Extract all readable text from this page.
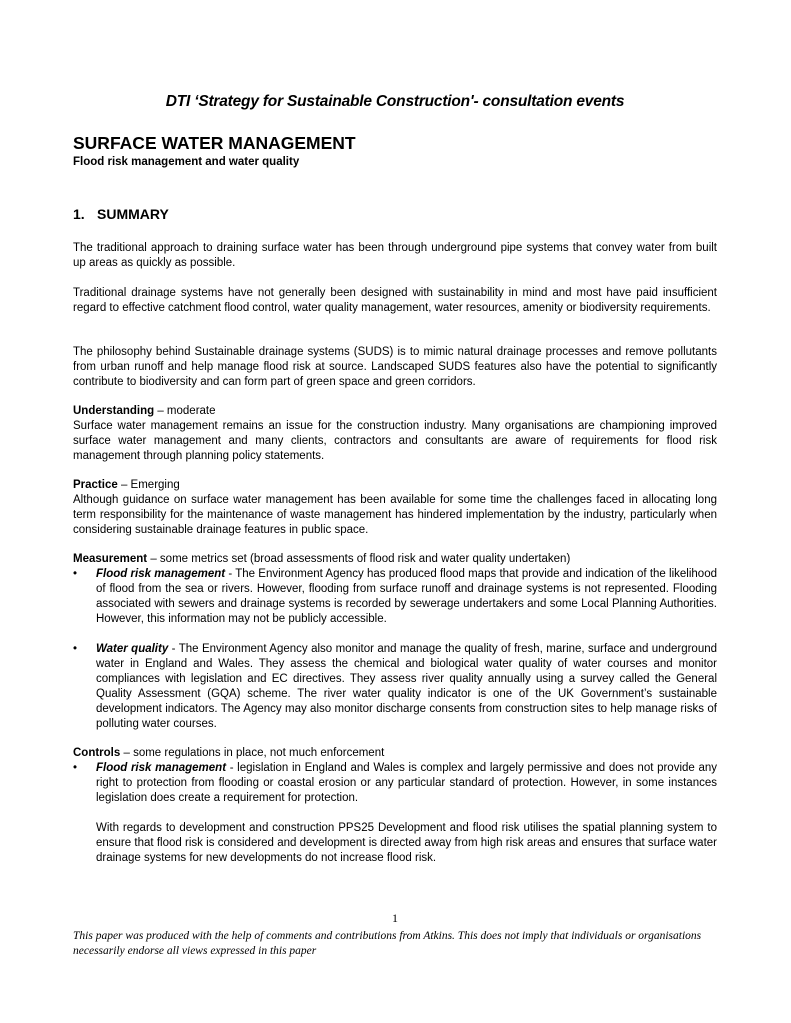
DTI ‘Strategy for Sustainable Construction'- consultation events
SURFACE WATER MANAGEMENT
Flood risk management and water quality
1. SUMMARY

The traditional approach to draining surface water has been through underground pipe systems that convey water from built up areas as quickly as possible.

Traditional drainage systems have not generally been designed with sustainability in mind and most have paid insufficient regard to effective catchment flood control, water quality management, water resources, amenity or biodiversity requirements.

The philosophy behind Sustainable drainage systems (SUDS) is to mimic natural drainage processes and remove pollutants from urban runoff and help manage flood risk at source. Landscaped SUDS features also have the potential to significantly contribute to biodiversity and can form part of green space and green corridors.

Understanding – moderate

Surface water management remains an issue for the construction industry. Many organisations are championing improved surface water management and many clients, contractors and consultants are aware of requirements for flood risk management through planning policy statements.

Practice – Emerging

Although guidance on surface water management has been available for some time the challenges faced in allocating long term responsibility for the maintenance of waste management has hindered implementation by the industry, particularly when considering sustainable drainage features in public space.

Measurement – some metrics set (broad assessments of flood risk and water quality undertaken)

• Flood risk management - The Environment Agency has produced flood maps that provide and indication of the likelihood of flood from the sea or rivers. However, flooding from surface runoff and drainage systems is not represented. Flooding associated with sewers and drainage systems is recorded by sewerage undertakers and some Local Planning Authorities. However, this information may not be publicly accessible.

• Water quality - The Environment Agency also monitor and manage the quality of fresh, marine, surface and underground water in England and Wales. They assess the chemical and biological water quality of water courses and monitor compliances with legislation and EC directives. They assess river quality annually using a survey called the General Quality Assessment (GQA) scheme. The river water quality indicator is one of the UK Government’s sustainable development indicators. The Agency may also monitor discharge consents from construction sites to help manage risks of polluting water courses.

Controls – some regulations in place, not much enforcement

• Flood risk management - legislation in England and Wales is complex and largely permissive and does not provide any right to protection from flooding or coastal erosion or any particular standard of protection. However, in some instances legislation does create a requirement for protection.

With regards to development and construction PPS25 Development and flood risk utilises the spatial planning system to ensure that flood risk is considered and development is directed away from high risk areas and ensures that surface water drainage systems for new developments do not increase flood risk.

1
This paper was produced with the help of comments and contributions from Atkins. This does not imply that individuals or organisations necessarily endorse all views expressed in this paper
